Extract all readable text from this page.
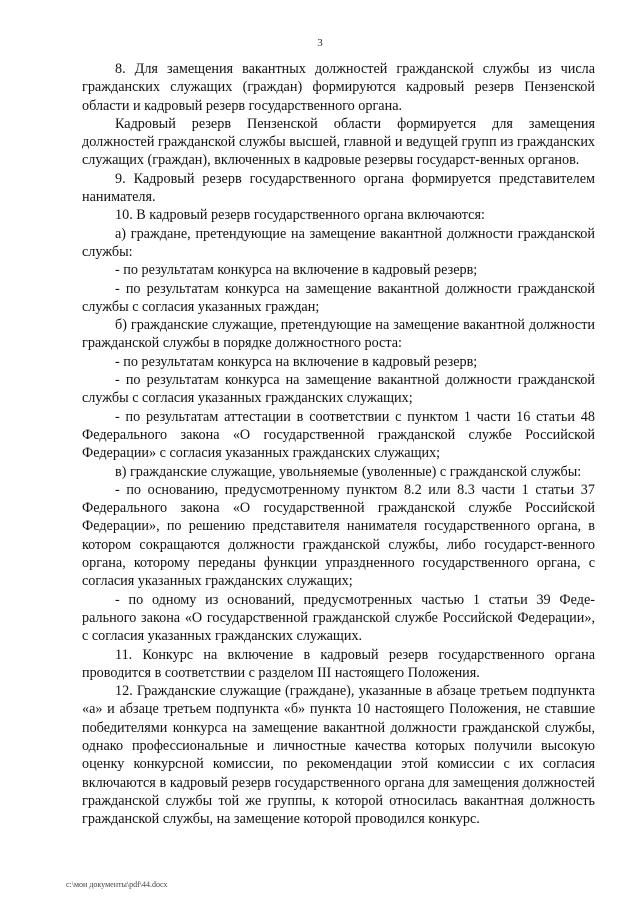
3

8. Для замещения вакантных должностей гражданской службы из числа гражданских служащих (граждан) формируются кадровый резерв Пензенской области и кадровый резерв государственного органа.

Кадровый резерв Пензенской области формируется для замещения должностей гражданской службы высшей, главной и ведущей групп из гражданских служащих (граждан), включенных в кадровые резервы государст-венных органов.

9. Кадровый резерв государственного органа формируется представителем нанимателя.

10. В кадровый резерв государственного органа включаются:

а) граждане, претендующие на замещение вакантной должности гражданской службы:

- по результатам конкурса на включение в кадровый резерв;

- по результатам конкурса на замещение вакантной должности гражданской службы с согласия указанных граждан;

б) гражданские служащие, претендующие на замещение вакантной должности гражданской службы в порядке должностного роста:

- по результатам конкурса на включение в кадровый резерв;

- по результатам конкурса на замещение вакантной должности гражданской службы с согласия указанных гражданских служащих;

- по результатам аттестации в соответствии с пунктом 1 части 16 статьи 48 Федерального закона «О государственной гражданской службе Российской Федерации» с согласия указанных гражданских служащих;

в) гражданские служащие, увольняемые (уволенные) с гражданской службы:

- по основанию, предусмотренному пунктом 8.2 или 8.3 части 1 статьи 37 Федерального закона «О государственной гражданской службе Российской Федерации», по решению представителя нанимателя государственного органа, в котором сокращаются должности гражданской службы, либо государст-венного органа, которому переданы функции упраздненного государственного органа, с согласия указанных гражданских служащих;

- по одному из оснований, предусмотренных частью 1 статьи 39 Феде-рального закона «О государственной гражданской службе Российской Федерации», с согласия указанных гражданских служащих.

11. Конкурс на включение в кадровый резерв государственного органа проводится в соответствии с разделом III настоящего Положения.

12. Гражданские служащие (граждане), указанные в абзаце третьем подпункта «а» и абзаце третьем подпункта «б» пункта 10 настоящего Положения, не ставшие победителями конкурса на замещение вакантной должности гражданской службы, однако профессиональные и личностные качества которых получили высокую оценку конкурсной комиссии, по рекомендации этой комиссии с их согласия включаются в кадровый резерв государственного органа для замещения должностей гражданской службы той же группы, к которой относилась вакантная должность гражданской службы, на замещение которой проводился конкурс.

c:\мои документы\pdf\44.docx
